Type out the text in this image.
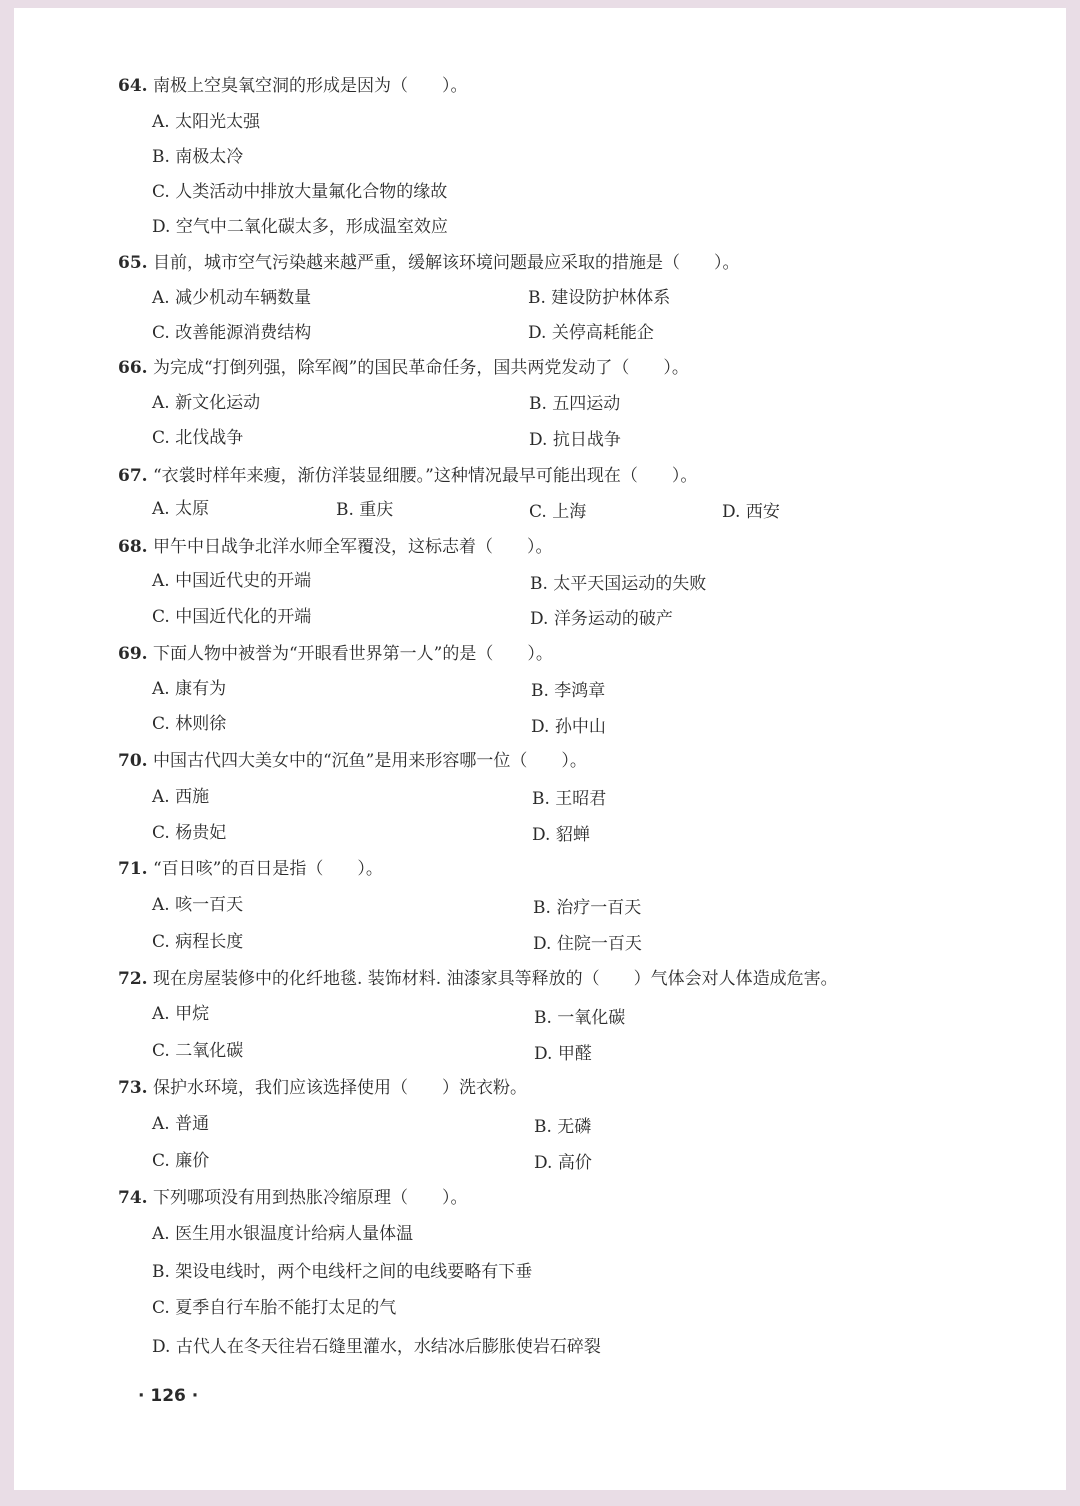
64. 南极上空臭氧空洞的形成是因为（　　）。
A. 太阳光太强
B. 南极太冷
C. 人类活动中排放大量氟化合物的缘故
D. 空气中二氧化碳太多，形成温室效应
65. 目前，城市空气污染越来越严重，缓解该环境问题最应采取的措施是（　　）。
A. 减少机动车辆数量	B. 建设防护林体系
C. 改善能源消费结构	D. 关停高耗能企
66. 为完成“打倒列强，除军阀”的国民革命任务，国共两党发动了（　　）。
A. 新文化运动	B. 五四运动
C. 北伐战争	D. 抗日战争
67. “衣裳时样年来瘦，渐仿洋装显细腰。”这种情况最早可能出现在（　　）。
A. 太原	B. 重庆	C. 上海	D. 西安
68. 甲午中日战争北洋水师全军覆没，这标志着（　　）。
A. 中国近代史的开端	B. 太平天国运动的失败
C. 中国近代化的开端	D. 洋务运动的破产
69. 下面人物中被誉为“开眼看世界第一人”的是（　　）。
A. 康有为	B. 李鸿章
C. 林则徐	D. 孙中山
70. 中国古代四大美女中的“沉鱼”是用来形容哪一位（　　）。
A. 西施	B. 王昭君
C. 杨贵妃	D. 貂蝉
71. “百日咳”的百日是指（　　）。
A. 咳一百天	B. 治疗一百天
C. 病程长度	D. 住院一百天
72. 现在房屋装修中的化纤地毯. 装饰材料. 油漆家具等释放的（　　）气体会对人体造成危害。
A. 甲烷	B. 一氧化碳
C. 二氧化碳	D. 甲醛
73. 保护水环境，我们应该选择使用（　　）洗衣粉。
A. 普通	B. 无磷
C. 廉价	D. 高价
74. 下列哪项没有用到热胀冷缩原理（　　）。
A. 医生用水银温度计给病人量体温
B. 架设电线时，两个电线杆之间的电线要略有下垂
C. 夏季自行车胎不能打太足的气
D. 古代人在冬天往岩石缝里灌水，水结冰后膨胀使岩石碎裂
· 126 ·
